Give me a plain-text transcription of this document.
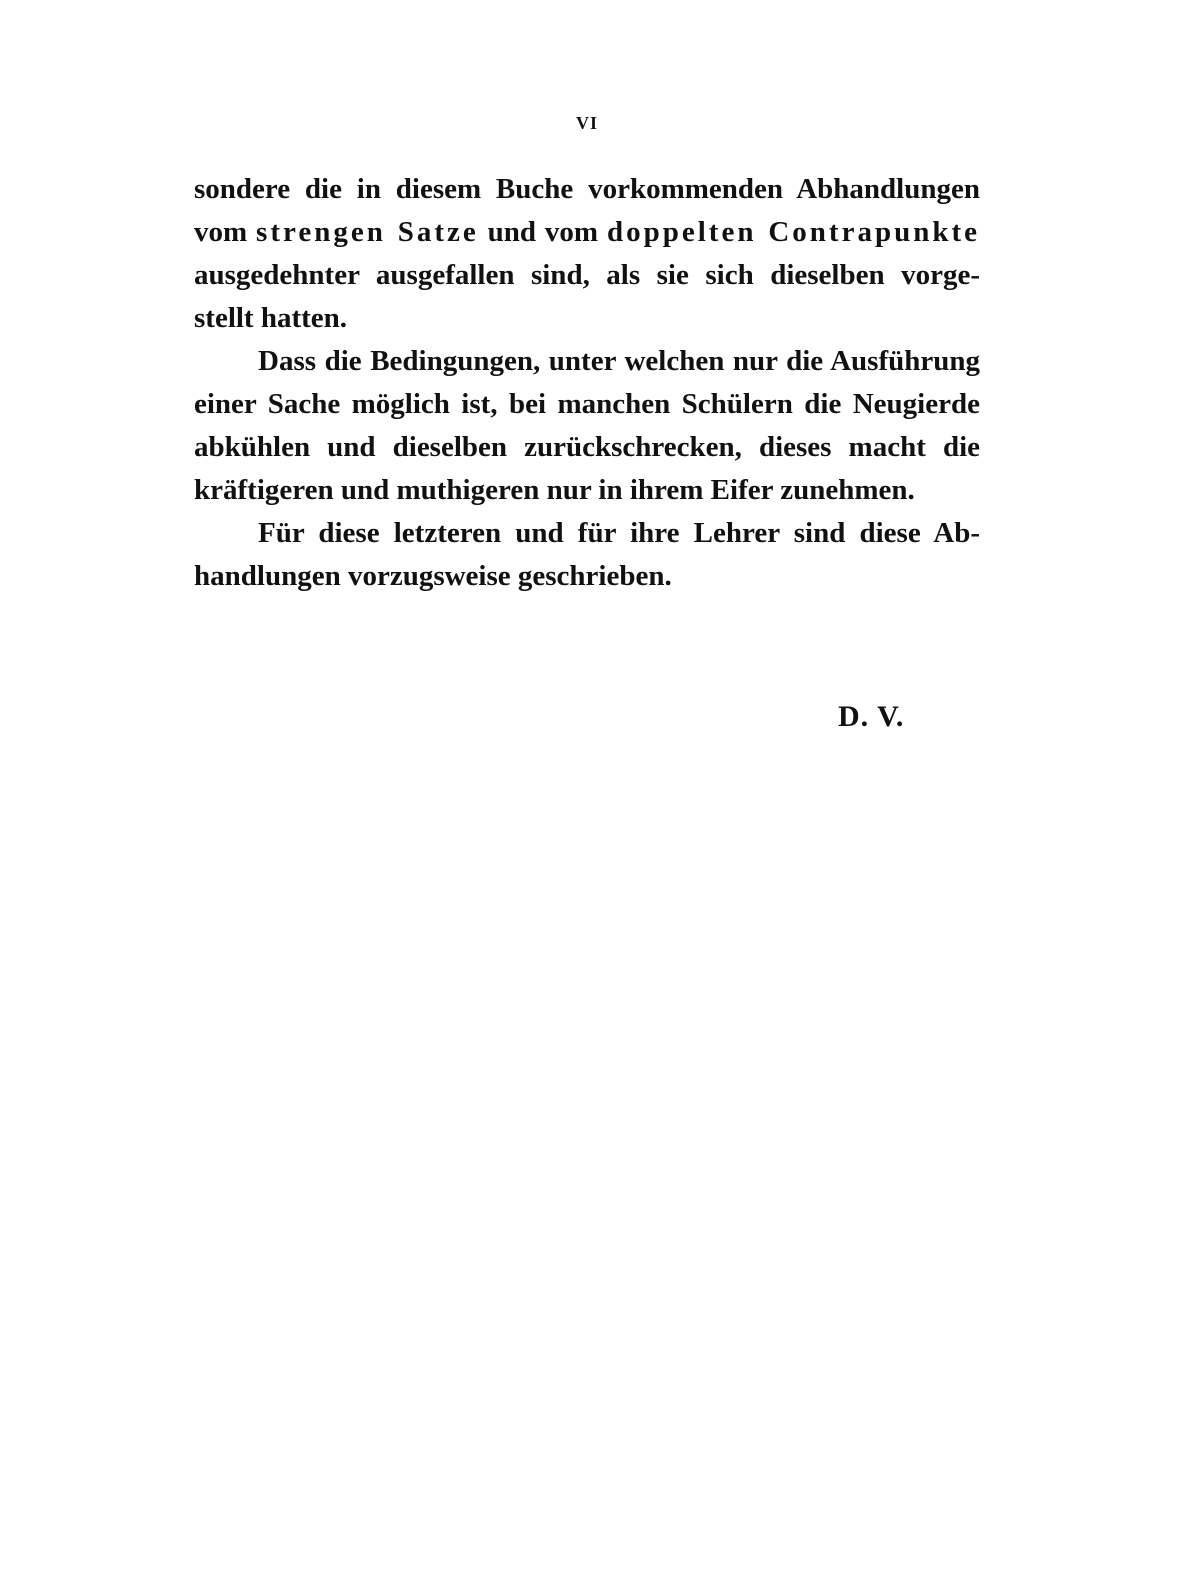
VI
sondere die in diesem Buche vorkommenden Abhandlungen
vom strengen Satze und vom doppelten Contrapunkte
ausgedehnter ausgefallen sind, als sie sich dieselben vorge-
stellt hatten.
Dass die Bedingungen, unter welchen nur die Ausführung
einer Sache möglich ist, bei manchen Schülern die Neugierde
abkühlen und dieselben zurückschrecken, dieses macht die
kräftigeren und muthigeren nur in ihrem Eifer zunehmen.
Für diese letzteren und für ihre Lehrer sind diese Ab-
handlungen vorzugsweise geschrieben.
D. V.
